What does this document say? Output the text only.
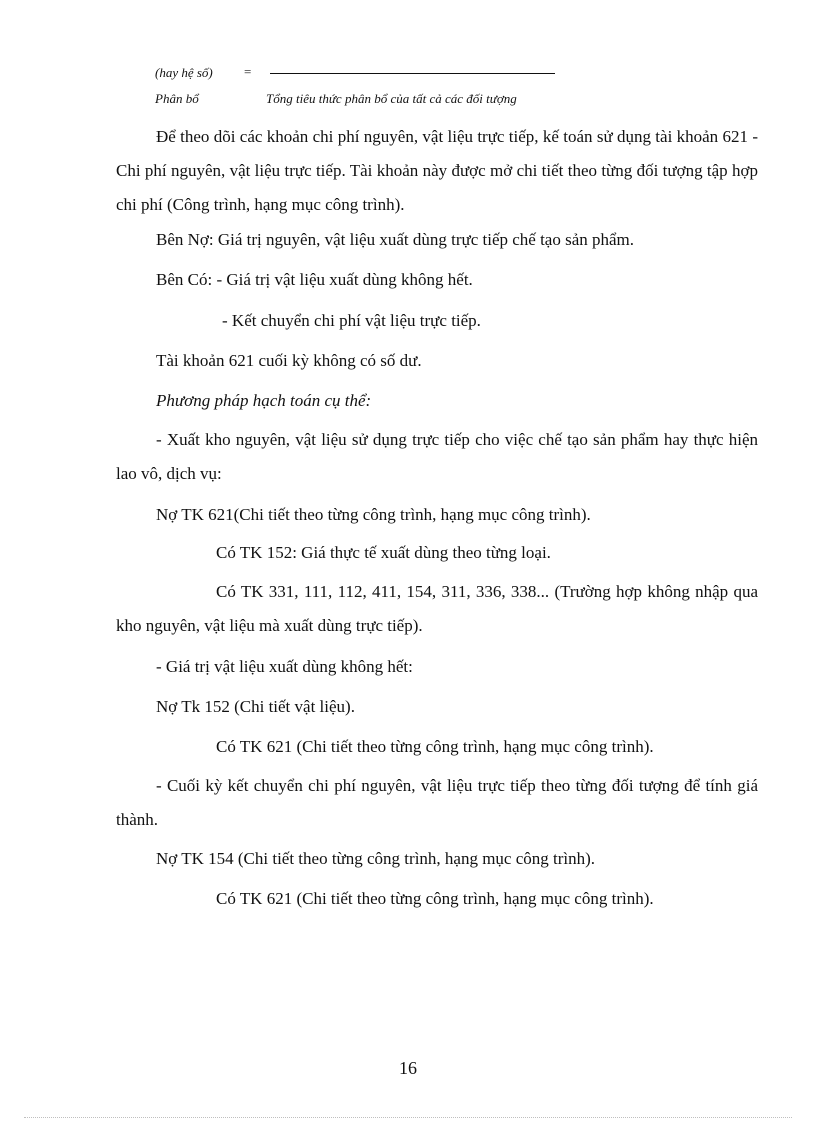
(hay hệ số) =
Phân bổ	Tổng tiêu thức phân bổ của tất cả các đối tượng
Để theo dõi các khoản chi phí nguyên, vật liệu trực tiếp, kế toán sử dụng tài khoản 621 - Chi phí nguyên, vật liệu trực tiếp. Tài khoản này được mở chi tiết theo từng đối tượng tập hợp chi phí (Công trình, hạng mục công trình).
Bên Nợ: Giá trị nguyên, vật liệu xuất dùng trực tiếp chế tạo sản phẩm.
Bên Có: - Giá trị vật liệu xuất dùng không hết.
- Kết chuyển chi phí vật liệu trực tiếp.
Tài khoản 621 cuối kỳ không có số dư.
Phương pháp hạch toán cụ thể:
- Xuất kho nguyên, vật liệu sử dụng trực tiếp cho việc chế tạo sản phẩm hay thực hiện lao vô, dịch vụ:
Nợ TK 621(Chi tiết theo từng công trình, hạng mục công trình).
Có TK 152: Giá thực tế xuất dùng theo từng loại.
Có TK 331, 111, 112, 411, 154, 311, 336, 338... (Trường hợp không nhập qua kho nguyên, vật liệu mà xuất dùng trực tiếp).
- Giá trị vật liệu xuất dùng không hết:
Nợ Tk 152 (Chi tiết vật liệu).
Có TK 621 (Chi tiết theo từng công trình, hạng mục công trình).
- Cuối kỳ kết chuyển chi phí nguyên, vật liệu trực tiếp theo từng đối tượng để tính giá thành.
Nợ TK 154 (Chi tiết theo từng công trình, hạng mục công trình).
Có TK 621 (Chi tiết theo từng công trình, hạng mục công trình).
16
